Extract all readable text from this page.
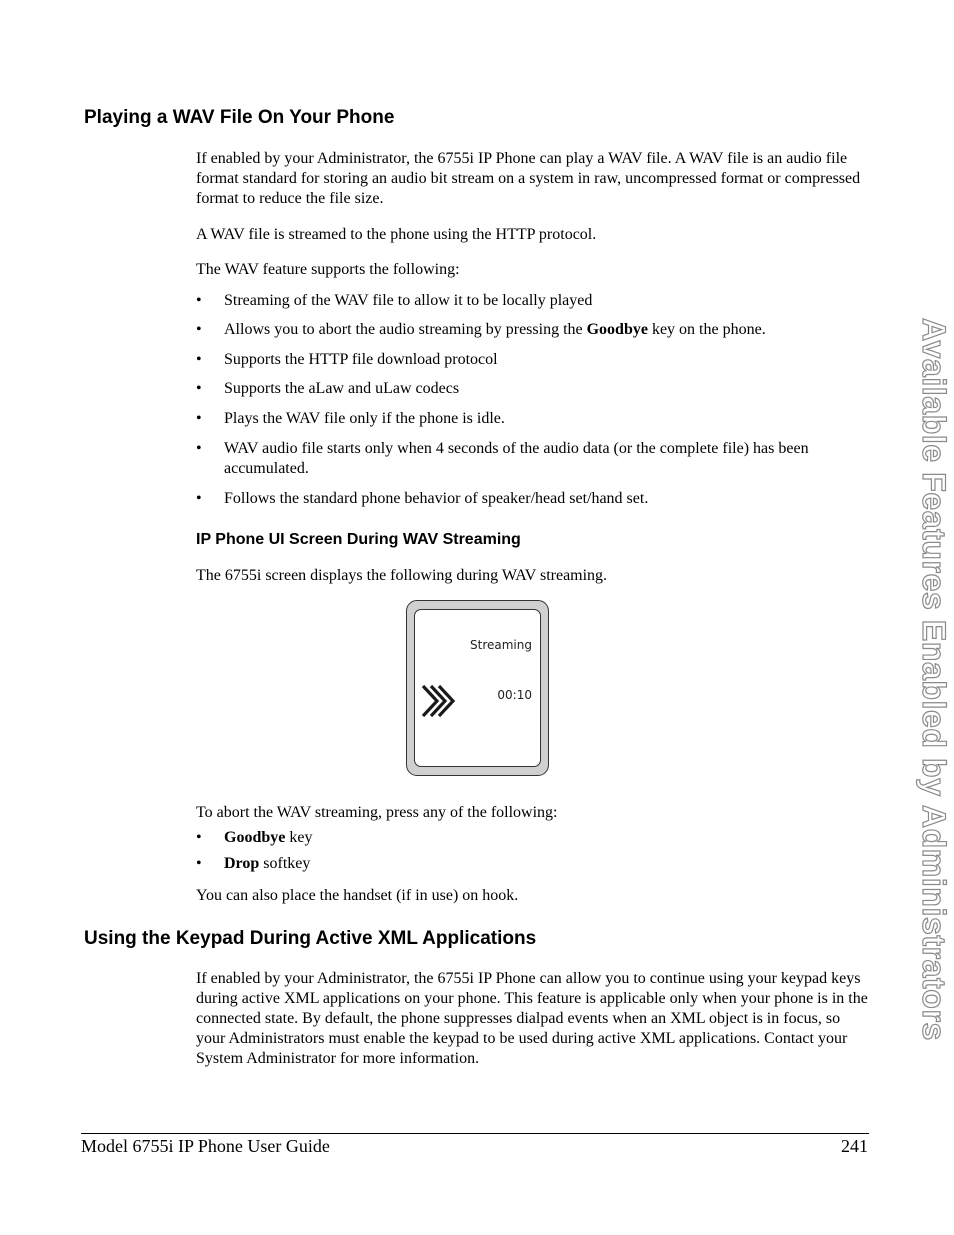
Available Features Enabled by Administrators
Playing a WAV File On Your Phone

If enabled by your Administrator, the 6755i IP Phone can play a WAV file. A WAV file is an audio file format standard for storing an audio bit stream on a system in raw, uncompressed format or compressed format to reduce the file size.

A WAV file is streamed to the phone using the HTTP protocol.

The WAV feature supports the following:

• Streaming of the WAV file to allow it to be locally played
• Allows you to abort the audio streaming by pressing the Goodbye key on the phone.
• Supports the HTTP file download protocol
• Supports the aLaw and uLaw codecs
• Plays the WAV file only if the phone is idle.
• WAV audio file starts only when 4 seconds of the audio data (or the complete file) has been accumulated.
• Follows the standard phone behavior of speaker/head set/hand set.
IP Phone UI Screen During WAV Streaming

The 6755i screen displays the following during WAV streaming.

Streaming
00:10

To abort the WAV streaming, press any of the following:

• Goodbye key
• Drop softkey

You can also place the handset (if in use) on hook.

Using the Keypad During Active XML Applications

If enabled by your Administrator, the 6755i IP Phone can allow you to continue using your keypad keys during active XML applications on your phone. This feature is applicable only when your phone is in the connected state. By default, the phone suppresses dialpad events when an XML object is in focus, so your Administrators must enable the keypad to be used during active XML applications. Contact your System Administrator for more information.

Model 6755i IP Phone User Guide	241
